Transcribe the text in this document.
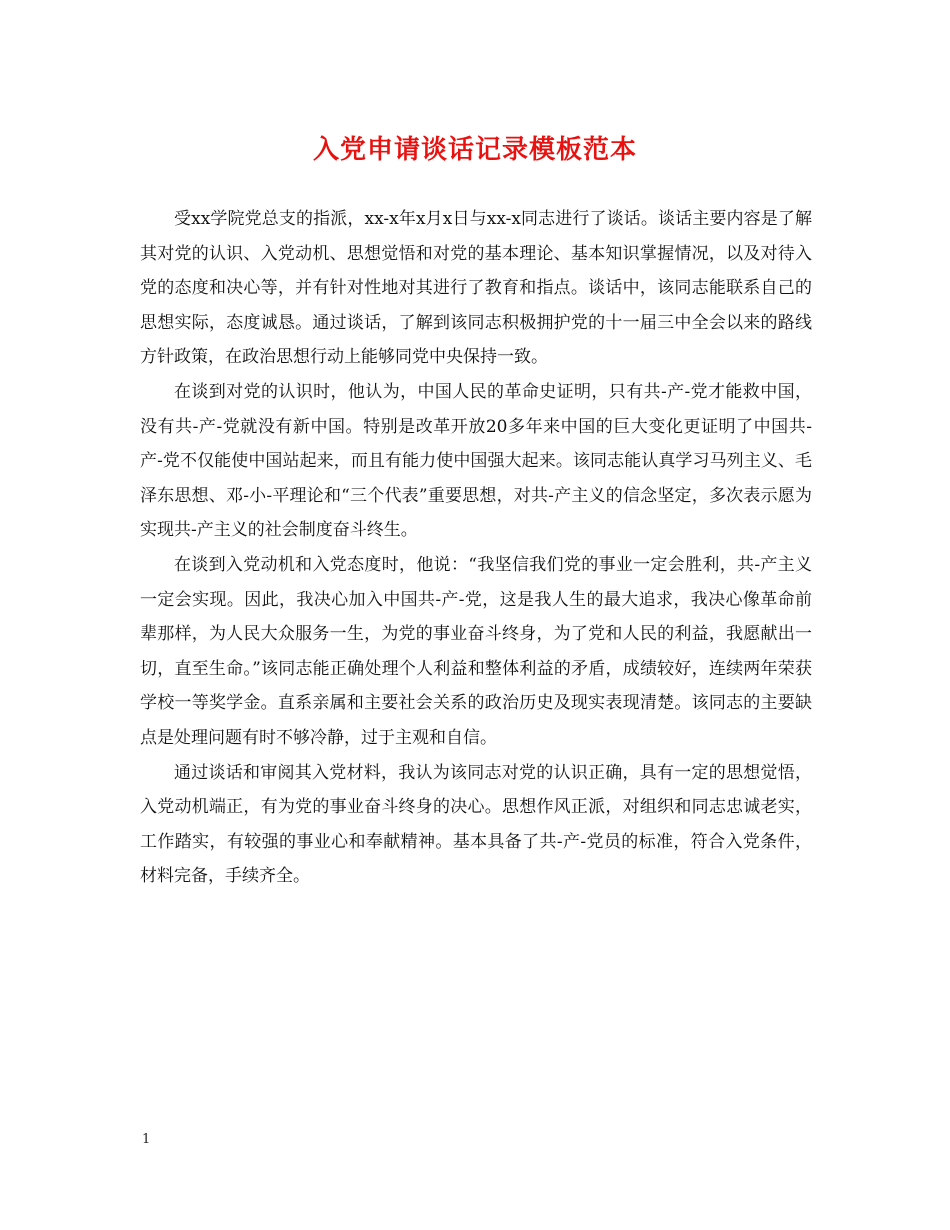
入党申请谈话记录模板范本

受xx学院党总支的指派，xx-x年x月x日与xx-x同志进行了谈话。谈话主要内容是了解其对党的认识、入党动机、思想觉悟和对党的基本理论、基本知识掌握情况，以及对待入党的态度和决心等，并有针对性地对其进行了教育和指点。谈话中，该同志能联系自己的思想实际，态度诚恳。通过谈话，了解到该同志积极拥护党的十一届三中全会以来的路线方针政策，在政治思想行动上能够同党中央保持一致。

在谈到对党的认识时，他认为，中国人民的革命史证明，只有共-产-党才能救中国，没有共-产-党就没有新中国。特别是改革开放20多年来中国的巨大变化更证明了中国共-产-党不仅能使中国站起来，而且有能力使中国强大起来。该同志能认真学习马列主义、毛泽东思想、邓-小-平理论和“三个代表”重要思想，对共-产主义的信念坚定，多次表示愿为实现共-产主义的社会制度奋斗终生。

在谈到入党动机和入党态度时，他说：“我坚信我们党的事业一定会胜利，共-产主义一定会实现。因此，我决心加入中国共-产-党，这是我人生的最大追求，我决心像革命前辈那样，为人民大众服务一生，为党的事业奋斗终身，为了党和人民的利益，我愿献出一切，直至生命。”该同志能正确处理个人利益和整体利益的矛盾，成绩较好，连续两年荣获学校一等奖学金。直系亲属和主要社会关系的政治历史及现实表现清楚。该同志的主要缺点是处理问题有时不够冷静，过于主观和自信。

通过谈话和审阅其入党材料，我认为该同志对党的认识正确，具有一定的思想觉悟，入党动机端正，有为党的事业奋斗终身的决心。思想作风正派，对组织和同志忠诚老实，工作踏实，有较强的事业心和奉献精神。基本具备了共-产-党员的标准，符合入党条件，材料完备，手续齐全。

1
